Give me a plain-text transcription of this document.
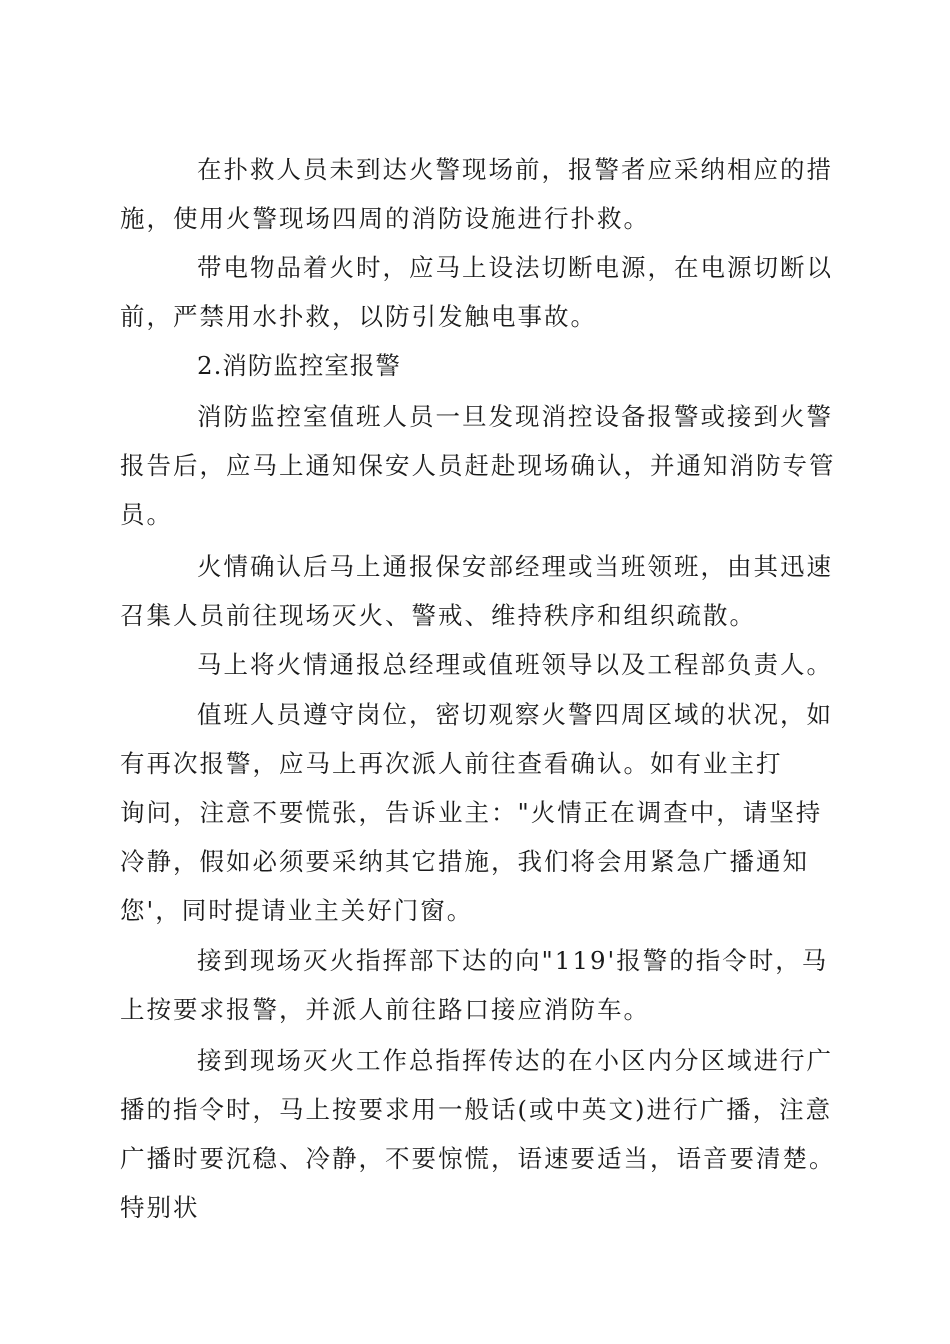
在扑救人员未到达火警现场前，报警者应采纳相应的措施，使用火警现场四周的消防设施进行扑救。

带电物品着火时，应马上设法切断电源，在电源切断以前，严禁用水扑救，以防引发触电事故。

2.消防监控室报警

消防监控室值班人员一旦发现消控设备报警或接到火警报告后，应马上通知保安人员赶赴现场确认，并通知消防专管员。

火情确认后马上通报保安部经理或当班领班，由其迅速召集人员前往现场灭火、警戒、维持秩序和组织疏散。

马上将火情通报总经理或值班领导以及工程部负责人。

值班人员遵守岗位，密切观察火警四周区域的状况，如有再次报警，应马上再次派人前往查看确认。如有业主打　 询问，注意不要慌张，告诉业主："火情正在调查中，请坚持冷静，假如必须要采纳其它措施，我们将会用紧急广播通知您'，同时提请业主关好门窗。

接到现场灭火指挥部下达的向"119'报警的指令时，马上按要求报警，并派人前往路口接应消防车。

接到现场灭火工作总指挥传达的在小区内分区域进行广播的指令时，马上按要求用一般话(或中英文)进行广播，注意广播时要沉稳、冷静，不要惊慌，语速要适当，语音要清楚。特别状
